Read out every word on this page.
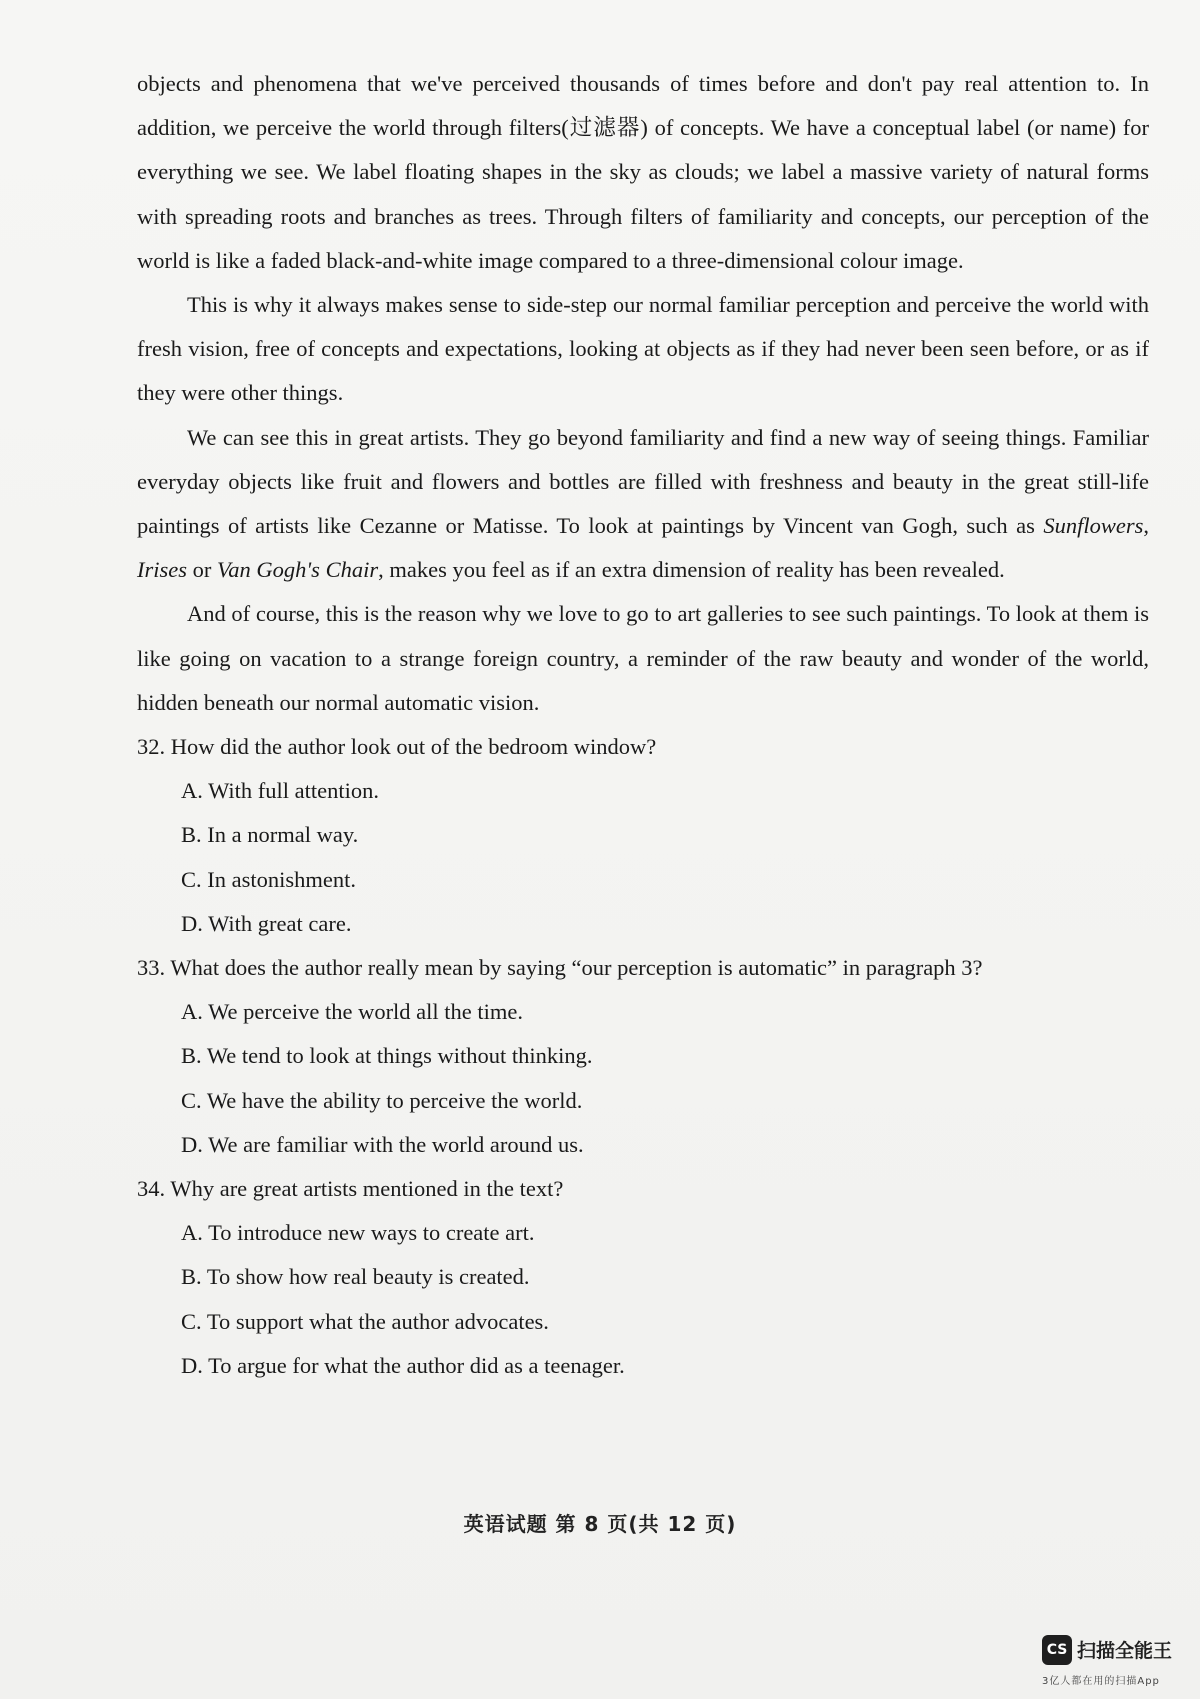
objects and phenomena that we've perceived thousands of times before and don't pay real attention to. In addition, we perceive the world through filters(过滤器) of concepts. We have a conceptual label (or name) for everything we see. We label floating shapes in the sky as clouds; we label a massive variety of natural forms with spreading roots and branches as trees. Through filters of familiarity and concepts, our perception of the world is like a faded black-and-white image compared to a three-dimensional colour image.

This is why it always makes sense to side-step our normal familiar perception and perceive the world with fresh vision, free of concepts and expectations, looking at objects as if they had never been seen before, or as if they were other things.

We can see this in great artists. They go beyond familiarity and find a new way of seeing things. Familiar everyday objects like fruit and flowers and bottles are filled with freshness and beauty in the great still-life paintings of artists like Cezanne or Matisse. To look at paintings by Vincent van Gogh, such as Sunflowers, Irises or Van Gogh's Chair, makes you feel as if an extra dimension of reality has been revealed.

And of course, this is the reason why we love to go to art galleries to see such paintings. To look at them is like going on vacation to a strange foreign country, a reminder of the raw beauty and wonder of the world, hidden beneath our normal automatic vision.

32. How did the author look out of the bedroom window?

A. With full attention.

B. In a normal way.

C. In astonishment.

D. With great care.

33. What does the author really mean by saying “our perception is automatic” in paragraph 3?

A. We perceive the world all the time.

B. We tend to look at things without thinking.

C. We have the ability to perceive the world.

D. We are familiar with the world around us.

34. Why are great artists mentioned in the text?

A. To introduce new ways to create art.

B. To show how real beauty is created.

C. To support what the author advocates.

D. To argue for what the author did as a teenager.

英语试题 第 8 页(共 12 页)
CS 扫描全能王
3亿人都在用的扫描App
